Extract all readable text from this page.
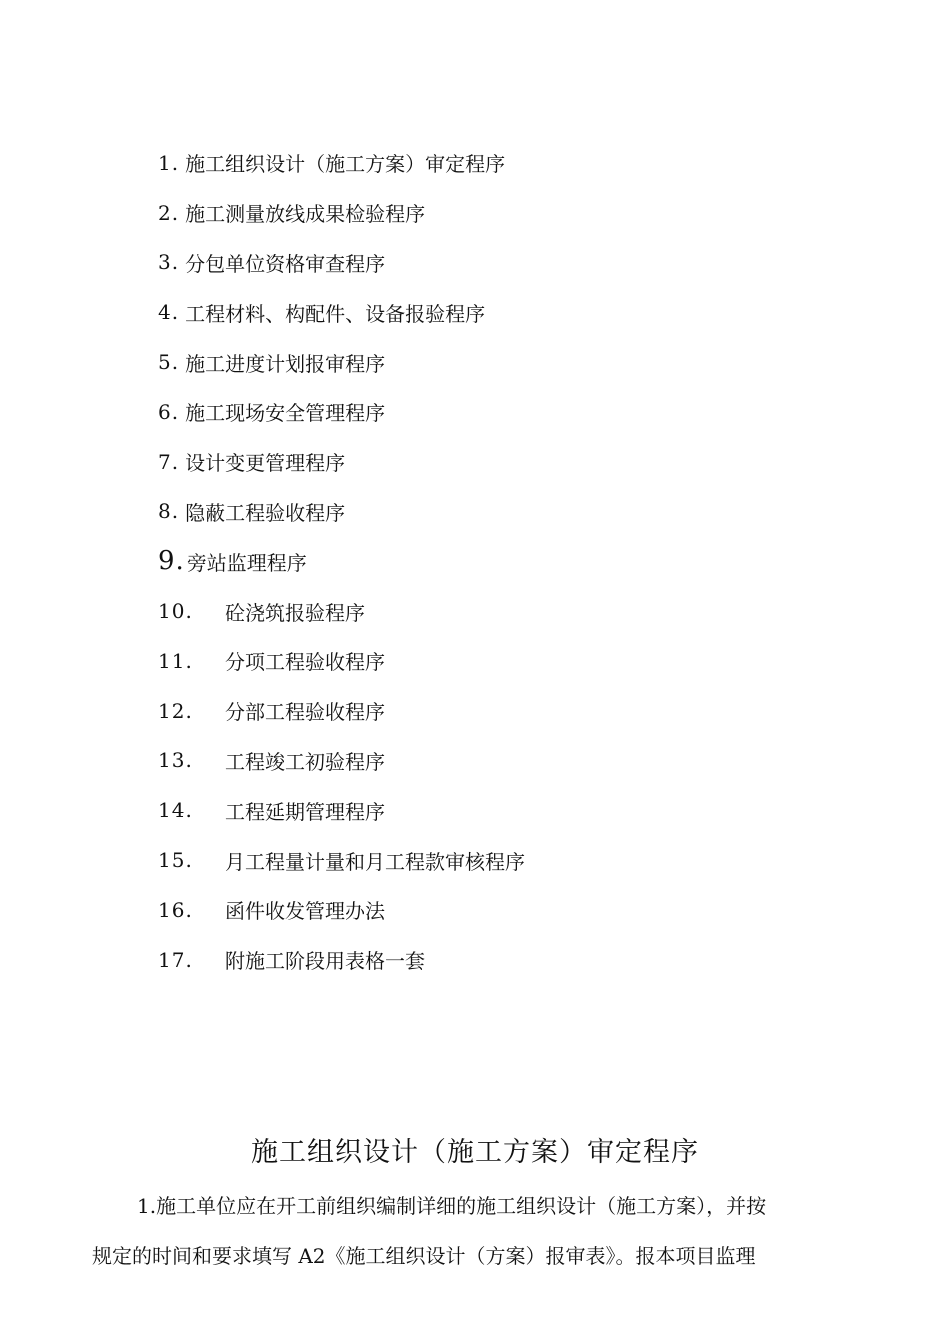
1. 施工组织设计（施工方案）审定程序
2. 施工测量放线成果检验程序
3. 分包单位资格审查程序
4. 工程材料、构配件、设备报验程序
5. 施工进度计划报审程序
6. 施工现场安全管理程序
7. 设计变更管理程序
8. 隐蔽工程验收程序
9. 旁站监理程序
10.	砼浇筑报验程序
11.	分项工程验收程序
12.	分部工程验收程序
13.	工程竣工初验程序
14.	工程延期管理程序
15.	月工程量计量和月工程款审核程序
16.	函件收发管理办法
17.	附施工阶段用表格一套
施工组织设计（施工方案）审定程序
1.施工单位应在开工前组织编制详细的施工组织设计（施工方案），并按
规定的时间和要求填写 A2《施工组织设计（方案）报审表》。报本项目监理
